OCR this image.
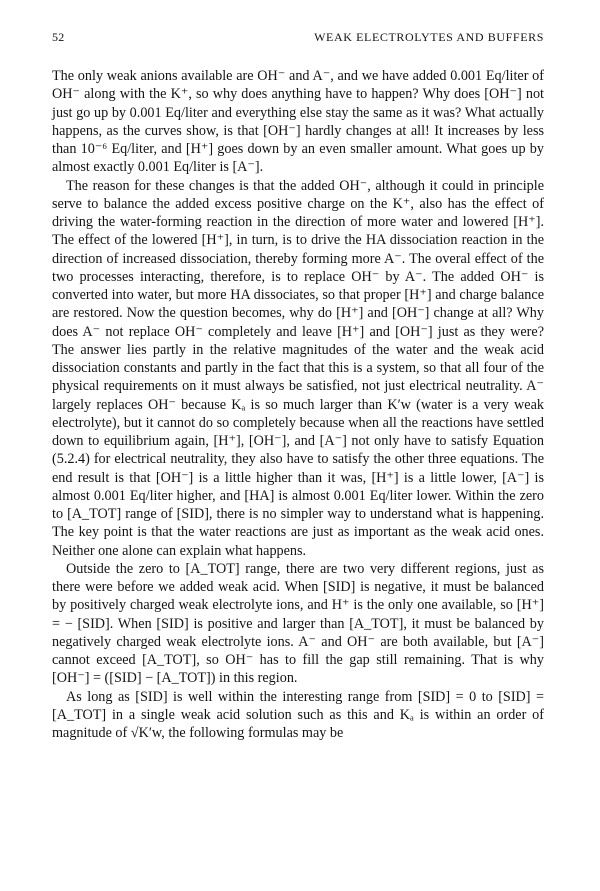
52	WEAK ELECTROLYTES AND BUFFERS

The only weak anions available are OH⁻ and A⁻, and we have added 0.001 Eq/liter of OH⁻ along with the K⁺, so why does anything have to happen? Why does [OH⁻] not just go up by 0.001 Eq/liter and everything else stay the same as it was? What actually happens, as the curves show, is that [OH⁻] hardly changes at all! It increases by less than 10⁻⁶ Eq/liter, and [H⁺] goes down by an even smaller amount. What goes up by almost exactly 0.001 Eq/liter is [A⁻].

The reason for these changes is that the added OH⁻, although it could in principle serve to balance the added excess positive charge on the K⁺, also has the effect of driving the water-forming reaction in the direction of more water and lowered [H⁺]. The effect of the lowered [H⁺], in turn, is to drive the HA dissociation reaction in the direction of increased dissociation, thereby forming more A⁻. The overal effect of the two processes interacting, therefore, is to replace OH⁻ by A⁻. The added OH⁻ is converted into water, but more HA dissociates, so that proper [H⁺] and charge balance are restored. Now the question becomes, why do [H⁺] and [OH⁻] change at all? Why does A⁻ not replace OH⁻ completely and leave [H⁺] and [OH⁻] just as they were? The answer lies partly in the relative magnitudes of the water and the weak acid dissociation constants and partly in the fact that this is a system, so that all four of the physical requirements on it must always be satisfied, not just electrical neutrality. A⁻ largely replaces OH⁻ because Kₐ is so much larger than K′w (water is a very weak electrolyte), but it cannot do so completely because when all the reactions have settled down to equilibrium again, [H⁺], [OH⁻], and [A⁻] not only have to satisfy Equation (5.2.4) for electrical neutrality, they also have to satisfy the other three equations. The end result is that [OH⁻] is a little higher than it was, [H⁺] is a little lower, [A⁻] is almost 0.001 Eq/liter higher, and [HA] is almost 0.001 Eq/liter lower. Within the zero to [A_TOT] range of [SID], there is no simpler way to understand what is happening. The key point is that the water reactions are just as important as the weak acid ones. Neither one alone can explain what happens.

Outside the zero to [A_TOT] range, there are two very different regions, just as there were before we added weak acid. When [SID] is negative, it must be balanced by positively charged weak electrolyte ions, and H⁺ is the only one available, so [H⁺] = − [SID]. When [SID] is positive and larger than [A_TOT], it must be balanced by negatively charged weak electrolyte ions. A⁻ and OH⁻ are both available, but [A⁻] cannot exceed [A_TOT], so OH⁻ has to fill the gap still remaining. That is why [OH⁻] = ([SID] − [A_TOT]) in this region.

As long as [SID] is well within the interesting range from [SID] = 0 to [SID] = [A_TOT] in a single weak acid solution such as this and Kₐ is within an order of magnitude of √K′w, the following formulas may be
